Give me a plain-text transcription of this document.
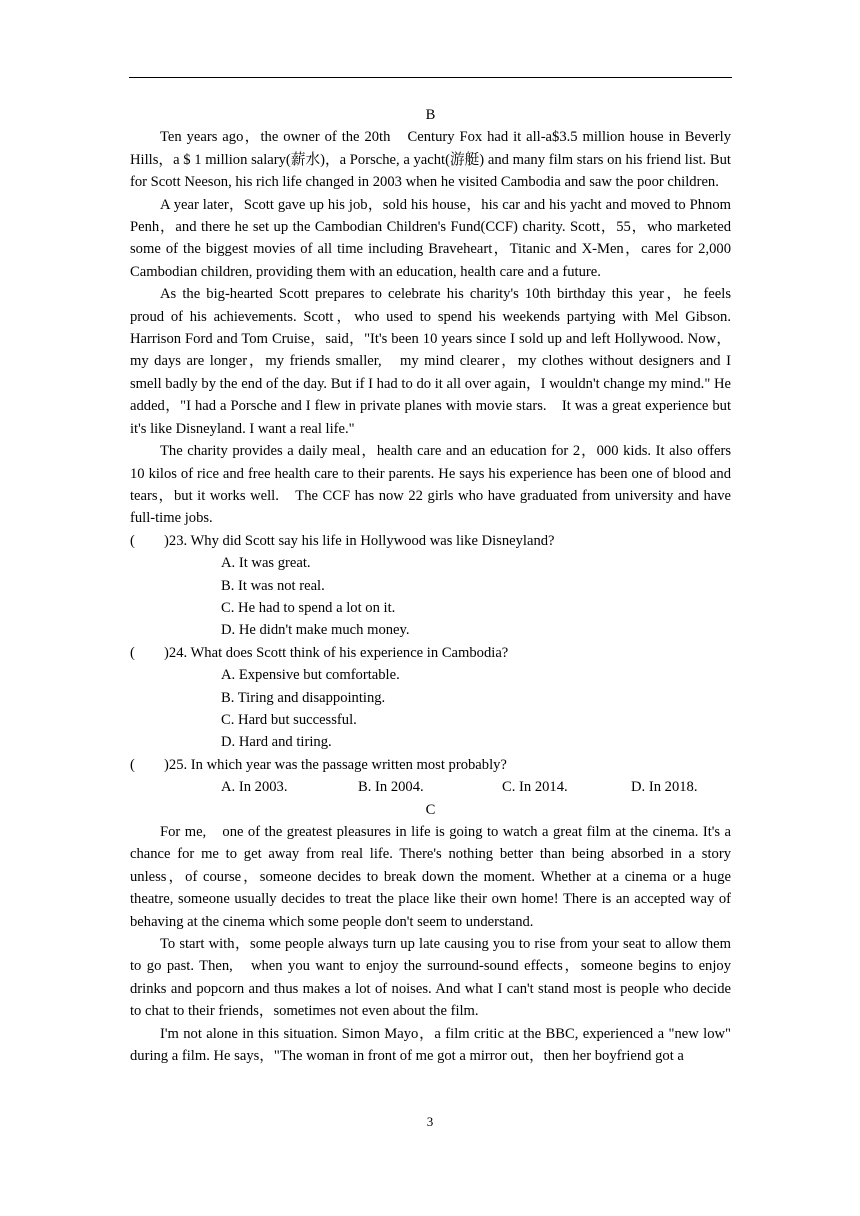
B

Ten years ago，the owner of the 20th　Century Fox had it all-a$3.5 million house in Beverly Hills，a $ 1 million salary(薪水)，a Porsche, a yacht(游艇) and many film stars on his friend list. But for Scott Neeson, his rich life changed in 2003 when he visited Cambodia and saw the poor children.

A year later，Scott gave up his job，sold his house，his car and his yacht and moved to Phnom Penh，and there he set up the Cambodian Children's Fund(CCF) charity. Scott，55，who marketed some of the biggest movies of all time including Braveheart，Titanic and X-Men，cares for 2,000 Cambodian children, providing them with an education, health care and a future.

As the big-hearted Scott prepares to celebrate his charity's 10th birthday this year，he feels proud of his achievements. Scott，who used to spend his weekends partying with Mel Gibson. Harrison Ford and Tom Cruise，said，"It's been 10 years since I sold up and left Hollywood. Now，my days are longer，my friends smaller,　my mind clearer，my clothes without designers and I smell badly by the end of the day. But if I had to do it all over again，I wouldn't change my mind." He added，"I had a Porsche and I flew in private planes with movie stars.　It was a great experience but it's like Disneyland. I want a real life."

The charity provides a daily meal，health care and an education for 2，000 kids. It also offers 10 kilos of rice and free health care to their parents. He says his experience has been one of blood and tears，but it works well.　The CCF has now 22 girls who have graduated from university and have full-time jobs.

(　　)23. Why did Scott say his life in Hollywood was like Disneyland?

A. It was great.

B. It was not real.

C. He had to spend a lot on it.

D. He didn't make much money.

(　　)24. What does Scott think of his experience in Cambodia?

A. Expensive but comfortable.

B. Tiring and disappointing.

C. Hard but successful.

D. Hard and tiring.

(　　)25. In which year was the passage written most probably?

A. In 2003.	B. In 2004.	C. In 2014.	D. In 2018.

C

For me,　one of the greatest pleasures in life is going to watch a great film at the cinema. It's a chance for me to get away from real life. There's nothing better than being absorbed in a story unless，of course，someone decides to break down the moment. Whether at a cinema or a huge theatre, someone usually decides to treat the place like their own home! There is an accepted way of behaving at the cinema which some people don't seem to understand.

To start with，some people always turn up late causing you to rise from your seat to allow them to go past. Then,　when you want to enjoy the surround-sound effects，someone begins to enjoy drinks and popcorn and thus makes a lot of noises. And what I can't stand most is people who decide to chat to their friends，sometimes not even about the film.

I'm not alone in this situation. Simon Mayo，a film critic at the BBC, experienced a "new low" during a film. He says，"The woman in front of me got a mirror out，then her boyfriend got a

3
